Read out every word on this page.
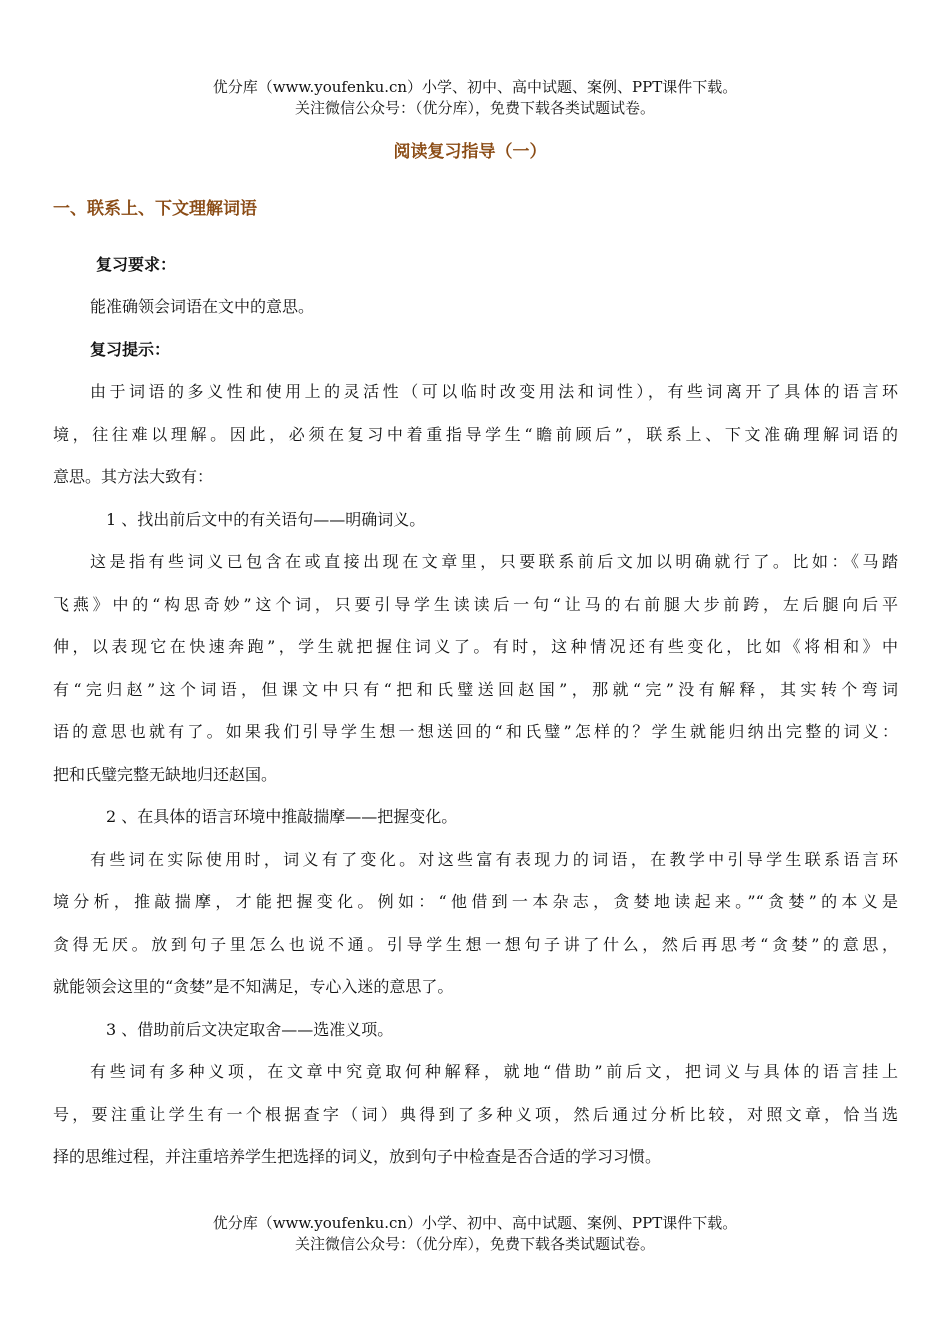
优分库（www.youfenku.cn）小学、初中、高中试题、案例、PPT课件下载。
关注微信公众号：（优分库），免费下载各类试题试卷。
阅读复习指导（一）
一、联系上、下文理解词语
复习要求：
能准确领会词语在文中的意思。
复习提示：
由于词语的多义性和使用上的灵活性（可以临时改变用法和词性），有些词离开了具体的语言环
境，往往难以理解。因此，必须在复习中着重指导学生“瞻前顾后”，联系上、下文准确理解词语的
意思。其方法大致有：
1 、找出前后文中的有关语句——明确词义。
这是指有些词义已包含在或直接出现在文章里，只要联系前后文加以明确就行了。比如：《马踏
飞燕》中的“构思奇妙”这个词，只要引导学生读读后一句“让马的右前腿大步前跨，左后腿向后平
伸，以表现它在快速奔跑”，学生就把握住词义了。有时，这种情况还有些变化，比如《将相和》中
有“完归赵”这个词语，但课文中只有“把和氏璧送回赵国”，那就“完”没有解释，其实转个弯词
语的意思也就有了。如果我们引导学生想一想送回的“和氏璧”怎样的？学生就能归纳出完整的词义：
把和氏璧完整无缺地归还赵国。
2 、在具体的语言环境中推敲揣摩——把握变化。
有些词在实际使用时，词义有了变化。对这些富有表现力的词语，在教学中引导学生联系语言环
境分析，推敲揣摩，才能把握变化。例如：“他借到一本杂志，贪婪地读起来。”“贪婪”的本义是
贪得无厌。放到句子里怎么也说不通。引导学生想一想句子讲了什么，然后再思考“贪婪”的意思，
就能领会这里的“贪婪”是不知满足，专心入迷的意思了。
3 、借助前后文决定取舍——选准义项。
有些词有多种义项，在文章中究竟取何种解释，就地“借助”前后文，把词义与具体的语言挂上
号，要注重让学生有一个根据查字（词）典得到了多种义项，然后通过分析比较，对照文章，恰当选
择的思维过程，并注重培养学生把选择的词义，放到句子中检查是否合适的学习习惯。
优分库（www.youfenku.cn）小学、初中、高中试题、案例、PPT课件下载。
关注微信公众号：（优分库），免费下载各类试题试卷。
